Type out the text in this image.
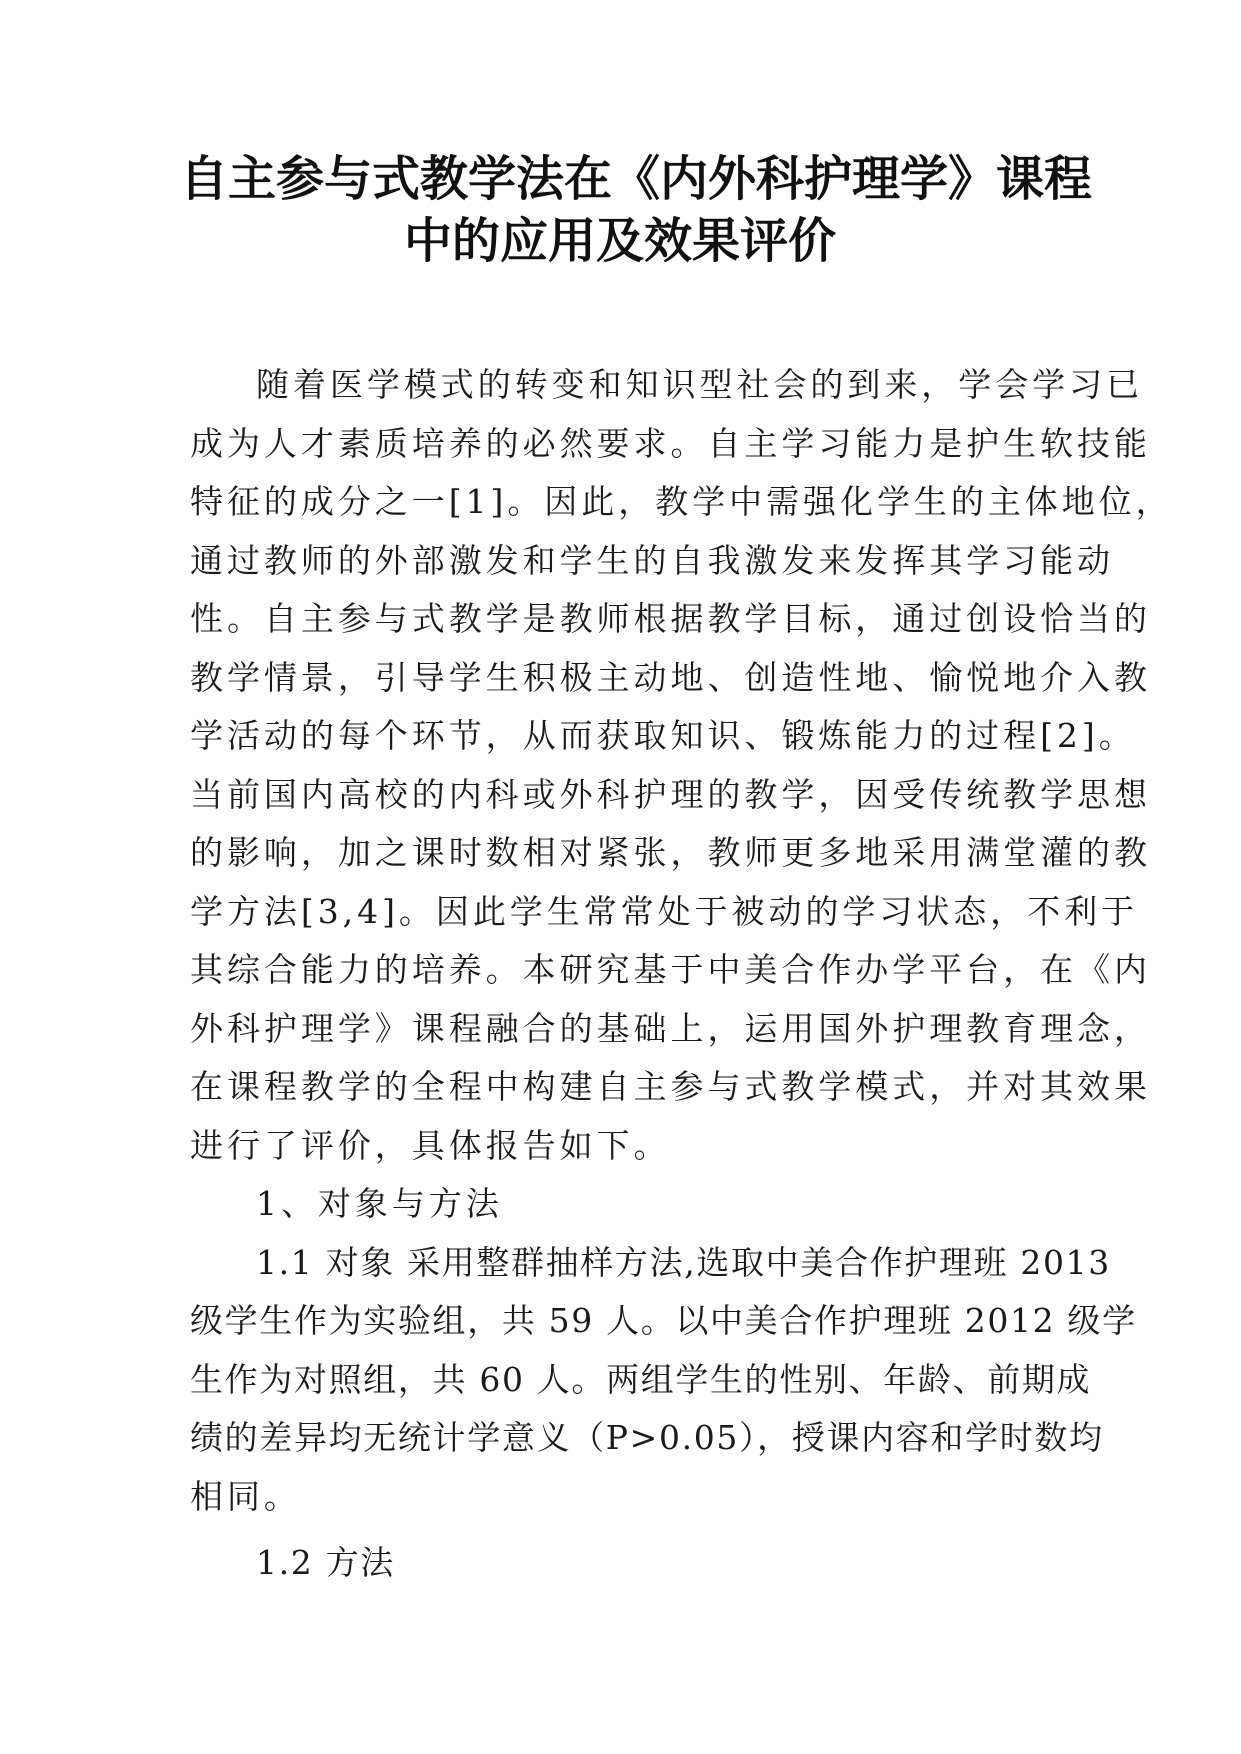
自主参与式教学法在《内外科护理学》课程
中的应用及效果评价
随着医学模式的转变和知识型社会的到来，学会学习已
成为人才素质培养的必然要求。自主学习能力是护生软技能
特征的成分之一[1]。因此，教学中需强化学生的主体地位，
通过教师的外部激发和学生的自我激发来发挥其学习能动
性。自主参与式教学是教师根据教学目标，通过创设恰当的
教学情景，引导学生积极主动地、创造性地、愉悦地介入教
学活动的每个环节，从而获取知识、锻炼能力的过程[2]。
当前国内高校的内科或外科护理的教学，因受传统教学思想
的影响，加之课时数相对紧张，教师更多地采用满堂灌的教
学方法[3,4]。因此学生常常处于被动的学习状态，不利于
其综合能力的培养。本研究基于中美合作办学平台，在《内
外科护理学》课程融合的基础上，运用国外护理教育理念，
在课程教学的全程中构建自主参与式教学模式，并对其效果
进行了评价，具体报告如下。
1、对象与方法
1.1 对象 采用整群抽样方法,选取中美合作护理班 2013
级学生作为实验组，共 59 人。以中美合作护理班 2012 级学
生作为对照组，共 60 人。两组学生的性别、年龄、前期成
绩的差异均无统计学意义（P>0.05），授课内容和学时数均
相同。
1.2 方法
